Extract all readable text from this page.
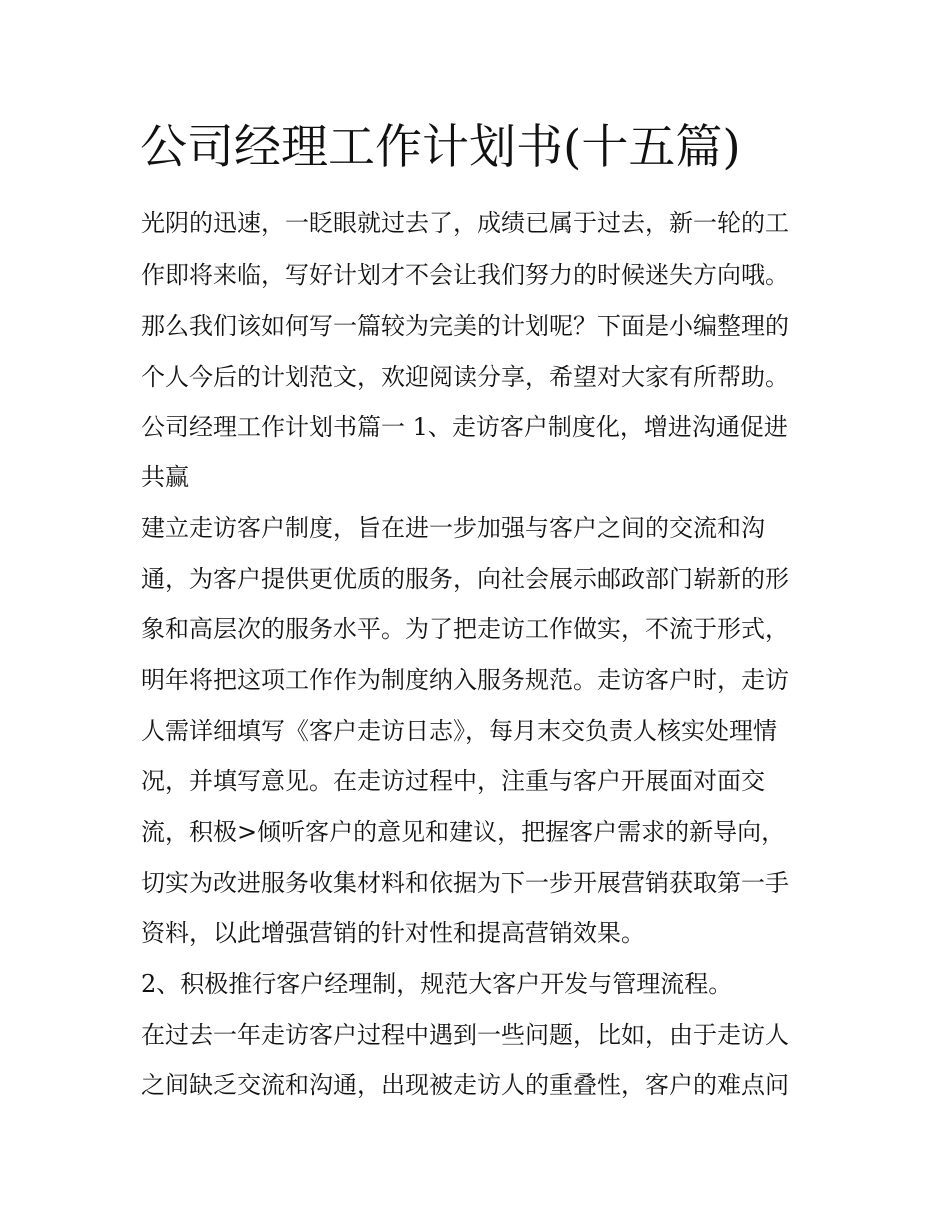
公司经理工作计划书(十五篇)
光阴的迅速，一眨眼就过去了，成绩已属于过去，新一轮的工
作即将来临，写好计划才不会让我们努力的时候迷失方向哦。
那么我们该如何写一篇较为完美的计划呢？下面是小编整理的
个人今后的计划范文，欢迎阅读分享，希望对大家有所帮助。
公司经理工作计划书篇一 1、走访客户制度化，增进沟通促进
共赢
建立走访客户制度，旨在进一步加强与客户之间的交流和沟
通，为客户提供更优质的服务，向社会展示邮政部门崭新的形
象和高层次的服务水平。为了把走访工作做实，不流于形式，
明年将把这项工作作为制度纳入服务规范。走访客户时，走访
人需详细填写《客户走访日志》，每月末交负责人核实处理情
况，并填写意见。在走访过程中，注重与客户开展面对面交
流，积极>倾听客户的意见和建议，把握客户需求的新导向，
切实为改进服务收集材料和依据为下一步开展营销获取第一手
资料，以此增强营销的针对性和提高营销效果。
2、积极推行客户经理制，规范大客户开发与管理流程。
在过去一年走访客户过程中遇到一些问题，比如，由于走访人
之间缺乏交流和沟通，出现被走访人的重叠性，客户的难点问
